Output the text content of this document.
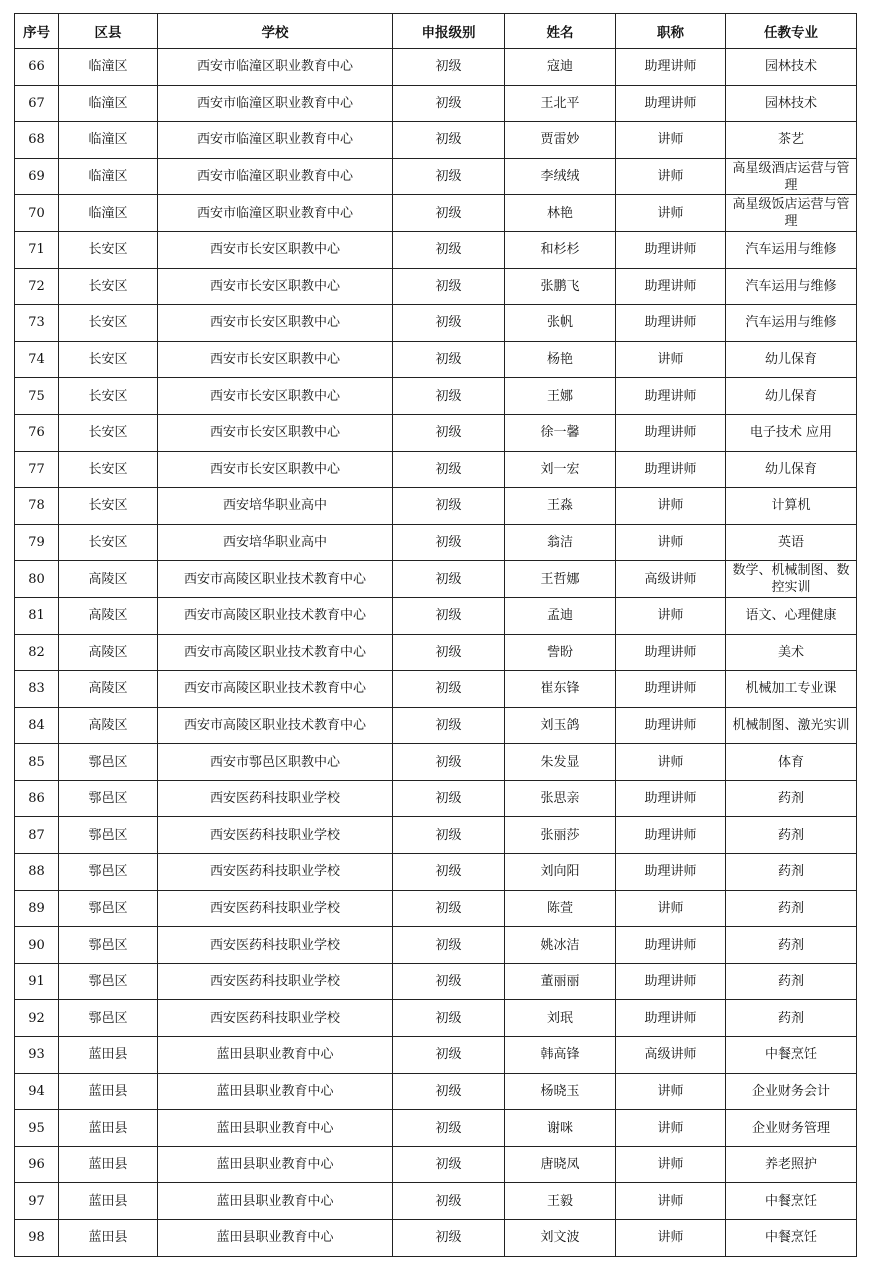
序号	区县	学校	申报级别	姓名	职称	任教专业
66	临潼区	西安市临潼区职业教育中心	初级	寇迪	助理讲师	园林技术
67	临潼区	西安市临潼区职业教育中心	初级	王北平	助理讲师	园林技术
68	临潼区	西安市临潼区职业教育中心	初级	贾雷妙	讲师	茶艺
69	临潼区	西安市临潼区职业教育中心	初级	李绒绒	讲师	高星级酒店运营与管理
70	临潼区	西安市临潼区职业教育中心	初级	林艳	讲师	高星级饭店运营与管理
71	长安区	西安市长安区职教中心	初级	和杉杉	助理讲师	汽车运用与维修
72	长安区	西安市长安区职教中心	初级	张鹏飞	助理讲师	汽车运用与维修
73	长安区	西安市长安区职教中心	初级	张帆	助理讲师	汽车运用与维修
74	长安区	西安市长安区职教中心	初级	杨艳	讲师	幼儿保育
75	长安区	西安市长安区职教中心	初级	王娜	助理讲师	幼儿保育
76	长安区	西安市长安区职教中心	初级	徐一馨	助理讲师	电子技术 应用
77	长安区	西安市长安区职教中心	初级	刘一宏	助理讲师	幼儿保育
78	长安区	西安培华职业高中	初级	王淼	讲师	计算机
79	长安区	西安培华职业高中	初级	翁洁	讲师	英语
80	高陵区	西安市高陵区职业技术教育中心	初级	王哲娜	高级讲师	数学、机械制图、数控实训
81	高陵区	西安市高陵区职业技术教育中心	初级	孟迪	讲师	语文、心理健康
82	高陵区	西安市高陵区职业技术教育中心	初级	訾盼	助理讲师	美术
83	高陵区	西安市高陵区职业技术教育中心	初级	崔东锋	助理讲师	机械加工专业课
84	高陵区	西安市高陵区职业技术教育中心	初级	刘玉鸽	助理讲师	机械制图、激光实训
85	鄠邑区	西安市鄠邑区职教中心	初级	朱发显	讲师	体育
86	鄠邑区	西安医药科技职业学校	初级	张思亲	助理讲师	药剂
87	鄠邑区	西安医药科技职业学校	初级	张丽莎	助理讲师	药剂
88	鄠邑区	西安医药科技职业学校	初级	刘向阳	助理讲师	药剂
89	鄠邑区	西安医药科技职业学校	初级	陈萱	讲师	药剂
90	鄠邑区	西安医药科技职业学校	初级	姚冰洁	助理讲师	药剂
91	鄠邑区	西安医药科技职业学校	初级	董丽丽	助理讲师	药剂
92	鄠邑区	西安医药科技职业学校	初级	刘珉	助理讲师	药剂
93	蓝田县	蓝田县职业教育中心	初级	韩高锋	高级讲师	中餐烹饪
94	蓝田县	蓝田县职业教育中心	初级	杨晓玉	讲师	企业财务会计
95	蓝田县	蓝田县职业教育中心	初级	谢咪	讲师	企业财务管理
96	蓝田县	蓝田县职业教育中心	初级	唐晓凤	讲师	养老照护
97	蓝田县	蓝田县职业教育中心	初级	王毅	讲师	中餐烹饪
98	蓝田县	蓝田县职业教育中心	初级	刘文波	讲师	中餐烹饪
